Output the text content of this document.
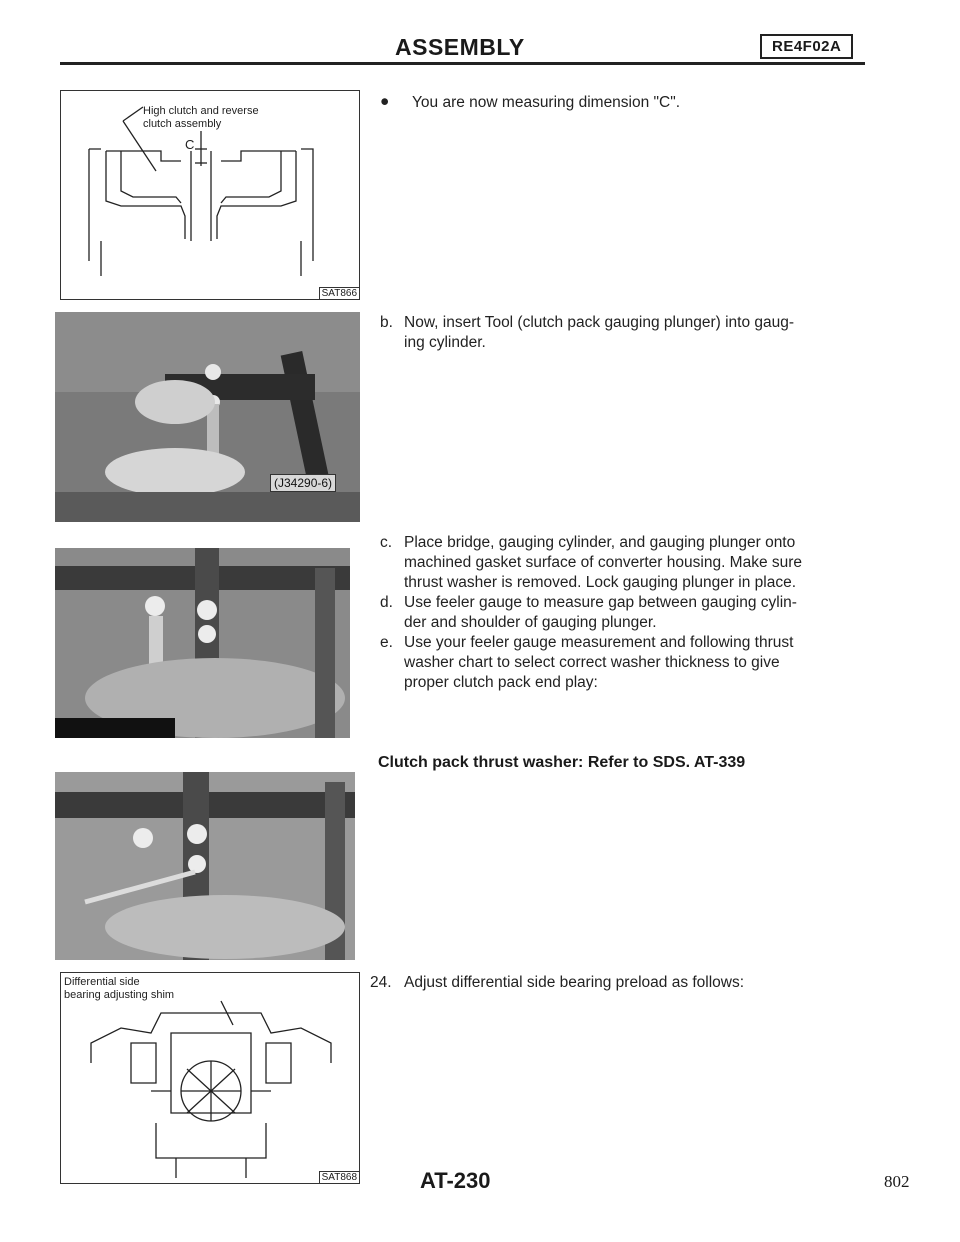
ASSEMBLY	RE4F02A
High clutch and reverse
clutch assembly
C
SAT866
(J34290-6)
Differential side
bearing adjusting shim
SAT868
● You are now measuring dimension "C".
b. Now, insert Tool (clutch pack gauging plunger) into gaug-
ing cylinder.
c. Place bridge, gauging cylinder, and gauging plunger onto
machined gasket surface of converter housing. Make sure
thrust washer is removed. Lock gauging plunger in place.
d. Use feeler gauge to measure gap between gauging cylin-
der and shoulder of gauging plunger.
e. Use your feeler gauge measurement and following thrust
washer chart to select correct washer thickness to give
proper clutch pack end play:
Clutch pack thrust washer: Refer to SDS. AT-339
24. Adjust differential side bearing preload as follows:
AT-230	802
